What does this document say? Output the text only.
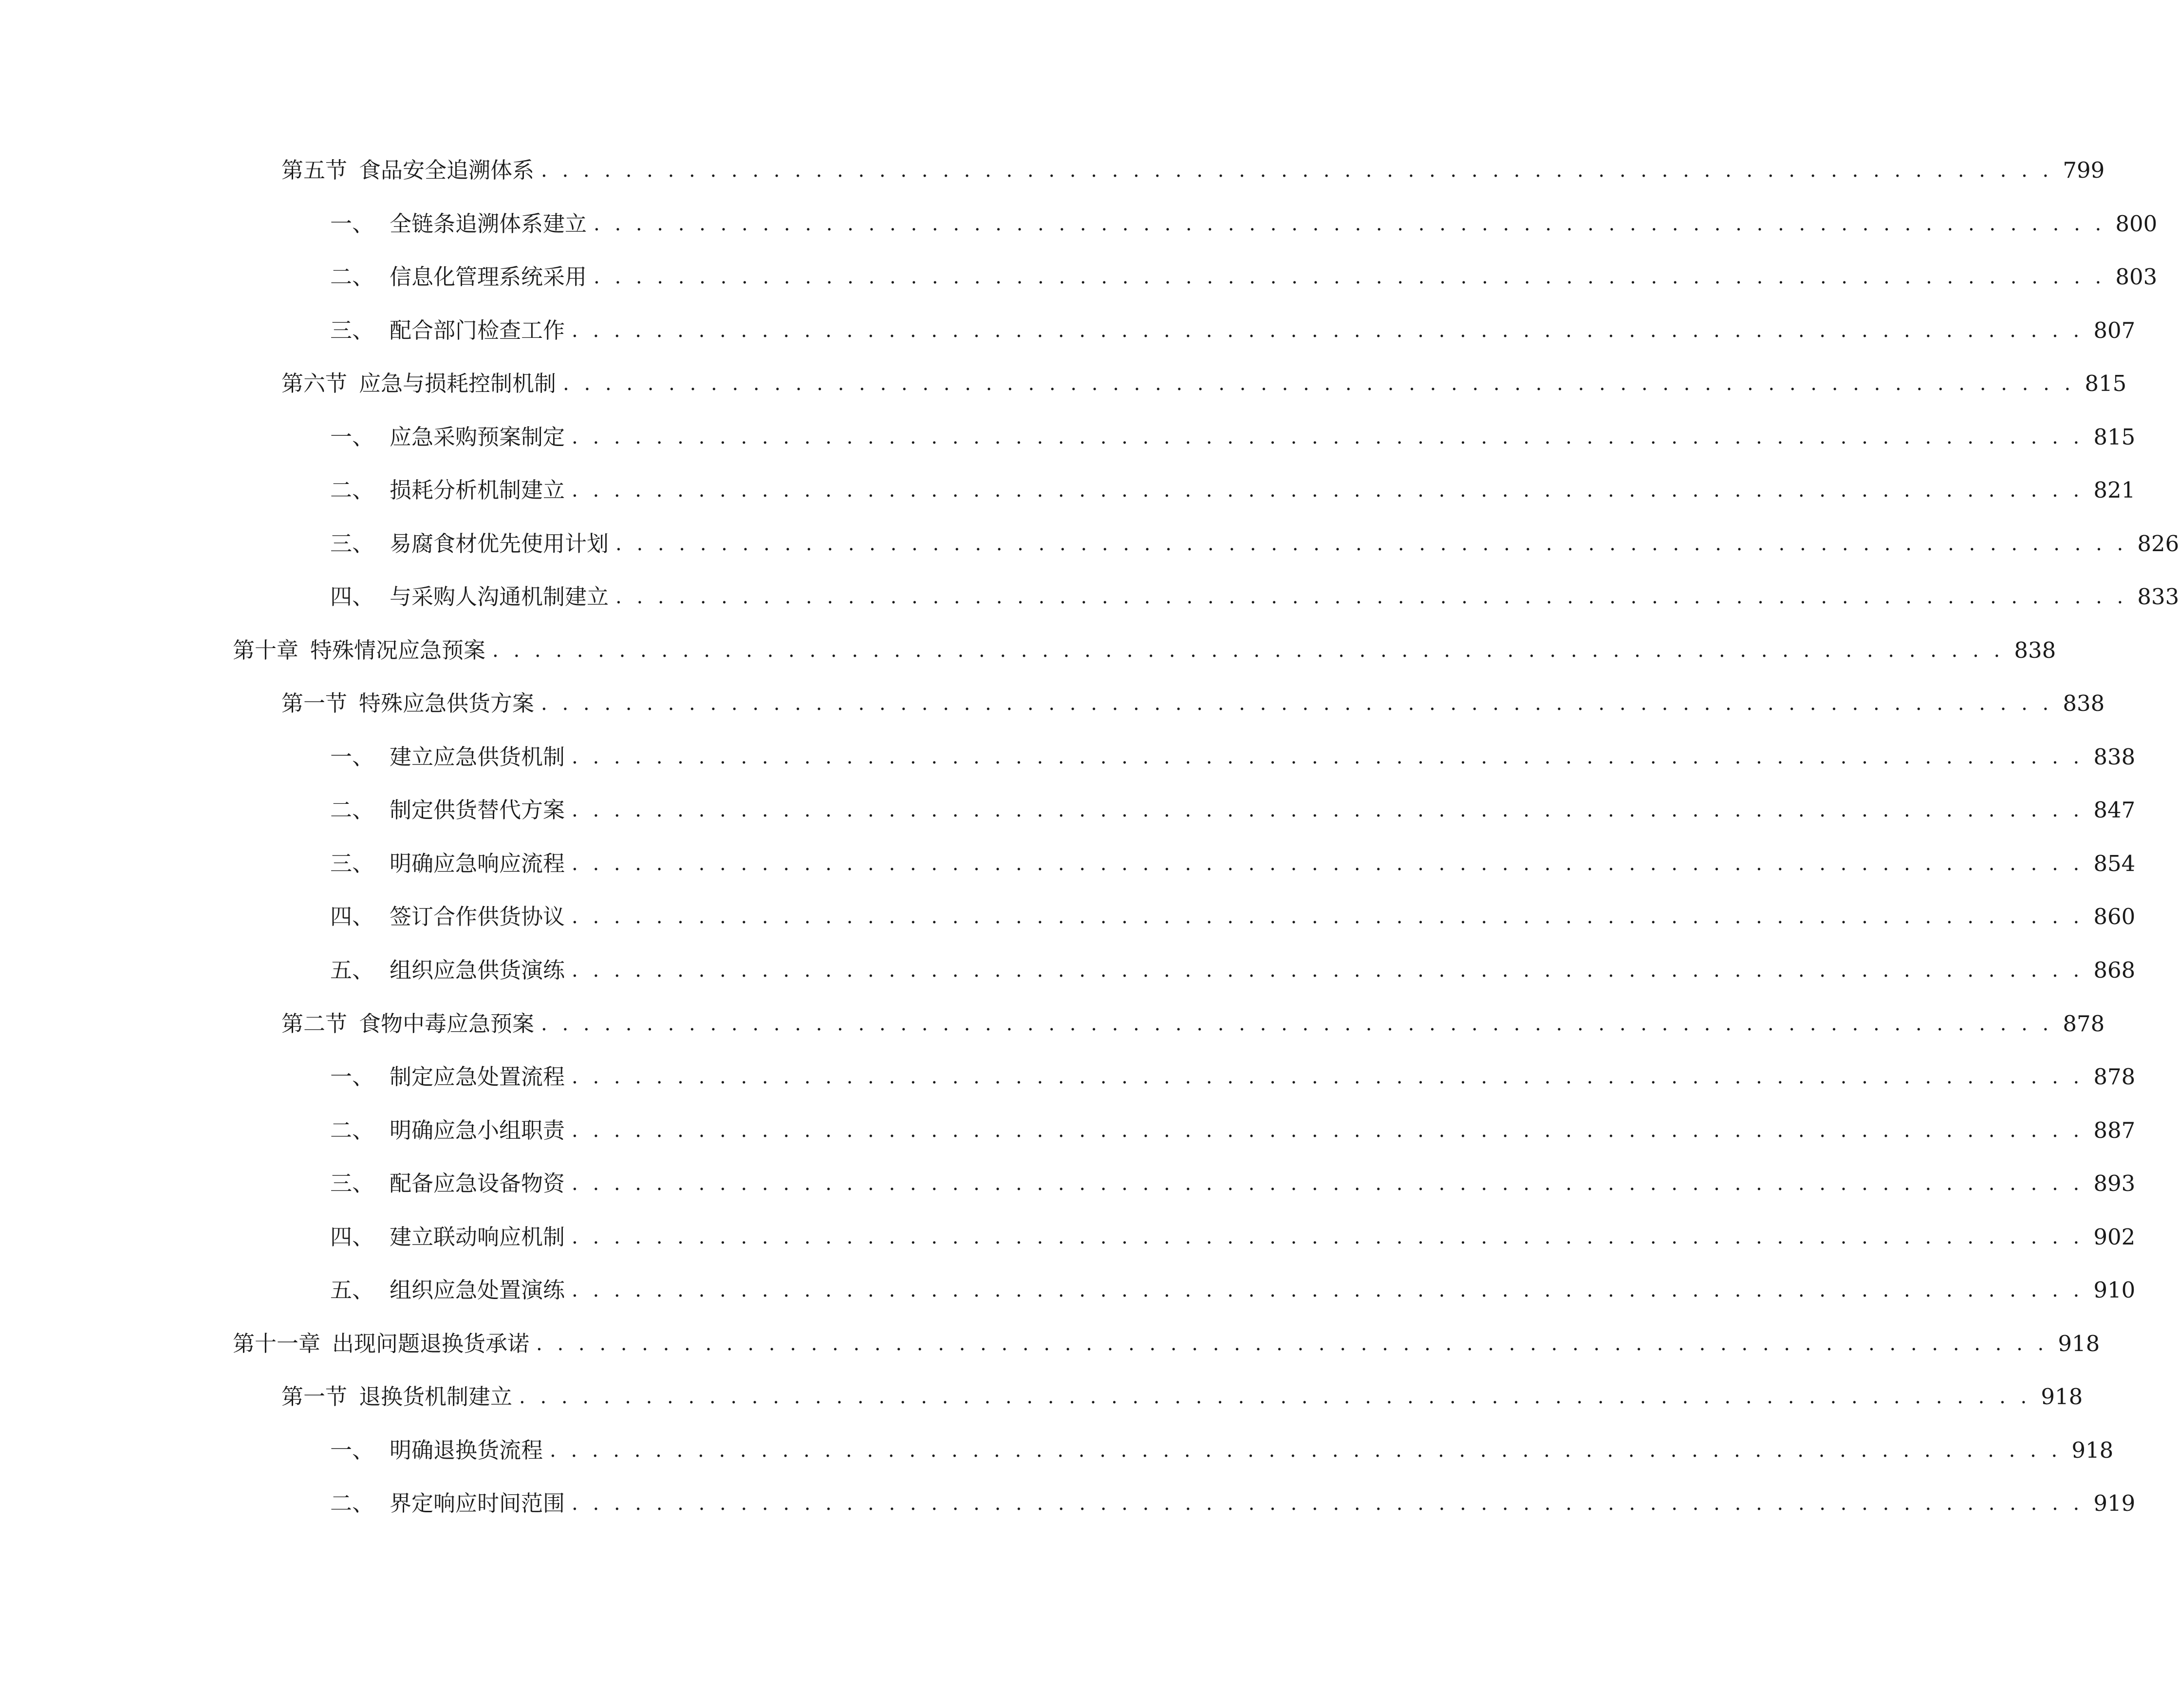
第五节 食品安全追溯体系 . . . . . . . . . . . . . . . . . . . . . . . . . . . . . . . . . . . . . . . . . . . . . . . . . . . . . . . . . . . . . . . . . . . . . . . . 799
一、 全链条追溯体系建立 . . . . . . . . . . . . . . . . . . . . . . . . . . . . . . . . . . . . . . . . . . . . . . . . . . . . . . . . . . . . . . . . . . . . . . . . 800
二、 信息化管理系统采用 . . . . . . . . . . . . . . . . . . . . . . . . . . . . . . . . . . . . . . . . . . . . . . . . . . . . . . . . . . . . . . . . . . . . . . . . 803
三、 配合部门检查工作 . . . . . . . . . . . . . . . . . . . . . . . . . . . . . . . . . . . . . . . . . . . . . . . . . . . . . . . . . . . . . . . . . . . . . . . . 807
第六节 应急与损耗控制机制 . . . . . . . . . . . . . . . . . . . . . . . . . . . . . . . . . . . . . . . . . . . . . . . . . . . . . . . . . . . . . . . . . . . . . . . . 815
一、 应急采购预案制定 . . . . . . . . . . . . . . . . . . . . . . . . . . . . . . . . . . . . . . . . . . . . . . . . . . . . . . . . . . . . . . . . . . . . . . . . 815
二、 损耗分析机制建立 . . . . . . . . . . . . . . . . . . . . . . . . . . . . . . . . . . . . . . . . . . . . . . . . . . . . . . . . . . . . . . . . . . . . . . . . 821
三、 易腐食材优先使用计划 . . . . . . . . . . . . . . . . . . . . . . . . . . . . . . . . . . . . . . . . . . . . . . . . . . . . . . . . . . . . . . . . . . . . . . . . 826
四、 与采购人沟通机制建立 . . . . . . . . . . . . . . . . . . . . . . . . . . . . . . . . . . . . . . . . . . . . . . . . . . . . . . . . . . . . . . . . . . . . . . . . 833
第十章 特殊情况应急预案 . . . . . . . . . . . . . . . . . . . . . . . . . . . . . . . . . . . . . . . . . . . . . . . . . . . . . . . . . . . . . . . . . . . . . . . . 838
第一节 特殊应急供货方案 . . . . . . . . . . . . . . . . . . . . . . . . . . . . . . . . . . . . . . . . . . . . . . . . . . . . . . . . . . . . . . . . . . . . . . . . 838
一、 建立应急供货机制 . . . . . . . . . . . . . . . . . . . . . . . . . . . . . . . . . . . . . . . . . . . . . . . . . . . . . . . . . . . . . . . . . . . . . . . . 838
二、 制定供货替代方案 . . . . . . . . . . . . . . . . . . . . . . . . . . . . . . . . . . . . . . . . . . . . . . . . . . . . . . . . . . . . . . . . . . . . . . . . 847
三、 明确应急响应流程 . . . . . . . . . . . . . . . . . . . . . . . . . . . . . . . . . . . . . . . . . . . . . . . . . . . . . . . . . . . . . . . . . . . . . . . . 854
四、 签订合作供货协议 . . . . . . . . . . . . . . . . . . . . . . . . . . . . . . . . . . . . . . . . . . . . . . . . . . . . . . . . . . . . . . . . . . . . . . . . 860
五、 组织应急供货演练 . . . . . . . . . . . . . . . . . . . . . . . . . . . . . . . . . . . . . . . . . . . . . . . . . . . . . . . . . . . . . . . . . . . . . . . . 868
第二节 食物中毒应急预案 . . . . . . . . . . . . . . . . . . . . . . . . . . . . . . . . . . . . . . . . . . . . . . . . . . . . . . . . . . . . . . . . . . . . . . . . 878
一、 制定应急处置流程 . . . . . . . . . . . . . . . . . . . . . . . . . . . . . . . . . . . . . . . . . . . . . . . . . . . . . . . . . . . . . . . . . . . . . . . . 878
二、 明确应急小组职责 . . . . . . . . . . . . . . . . . . . . . . . . . . . . . . . . . . . . . . . . . . . . . . . . . . . . . . . . . . . . . . . . . . . . . . . . 887
三、 配备应急设备物资 . . . . . . . . . . . . . . . . . . . . . . . . . . . . . . . . . . . . . . . . . . . . . . . . . . . . . . . . . . . . . . . . . . . . . . . . 893
四、 建立联动响应机制 . . . . . . . . . . . . . . . . . . . . . . . . . . . . . . . . . . . . . . . . . . . . . . . . . . . . . . . . . . . . . . . . . . . . . . . . 902
五、 组织应急处置演练 . . . . . . . . . . . . . . . . . . . . . . . . . . . . . . . . . . . . . . . . . . . . . . . . . . . . . . . . . . . . . . . . . . . . . . . . 910
第十一章 出现问题退换货承诺 . . . . . . . . . . . . . . . . . . . . . . . . . . . . . . . . . . . . . . . . . . . . . . . . . . . . . . . . . . . . . . . . . . . . . . . . 918
第一节 退换货机制建立 . . . . . . . . . . . . . . . . . . . . . . . . . . . . . . . . . . . . . . . . . . . . . . . . . . . . . . . . . . . . . . . . . . . . . . . . 918
一、 明确退换货流程 . . . . . . . . . . . . . . . . . . . . . . . . . . . . . . . . . . . . . . . . . . . . . . . . . . . . . . . . . . . . . . . . . . . . . . . . 918
二、 界定响应时间范围 . . . . . . . . . . . . . . . . . . . . . . . . . . . . . . . . . . . . . . . . . . . . . . . . . . . . . . . . . . . . . . . . . . . . . . . . 919
